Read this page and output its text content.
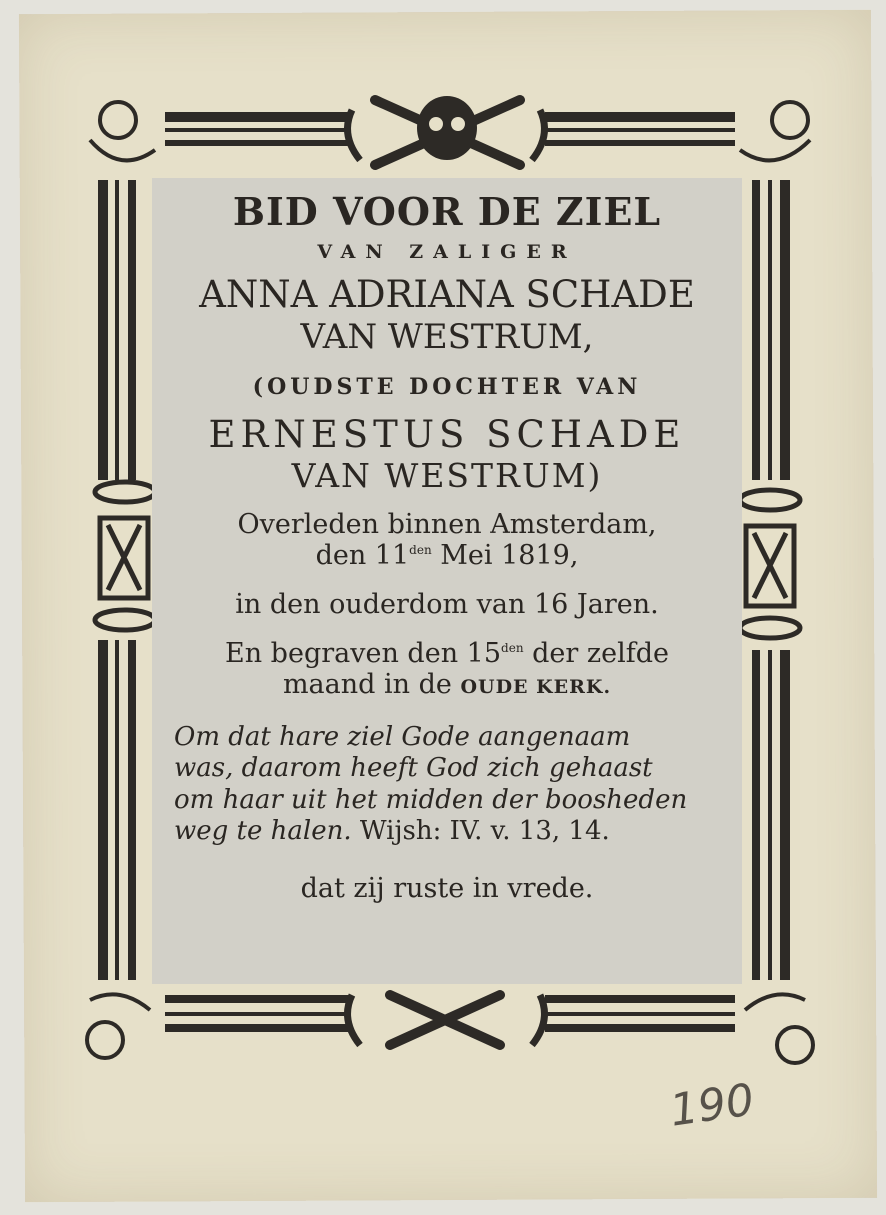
BID VOOR DE ZIEL

VAN ZALIGER

ANNA ADRIANA SCHADE

VAN WESTRUM,

(OUDSTE DOCHTER VAN

ERNESTUS SCHADE

VAN WESTRUM)

Overleden binnen Amsterdam,

den $11^{den}$ Mei 1819,

in den ouderdom van 16 Jaren.

En begraven den $15^{den}$ der zelfde

maand in de OUDE KERK.

Om dat hare ziel Gode aangenaam

was, daarom heeft God zich gehaast

om haar uit het midden der boosheden

weg te halen. Wijsh: IV. v. 13, 14.

dat zij ruste in vrede.

190
